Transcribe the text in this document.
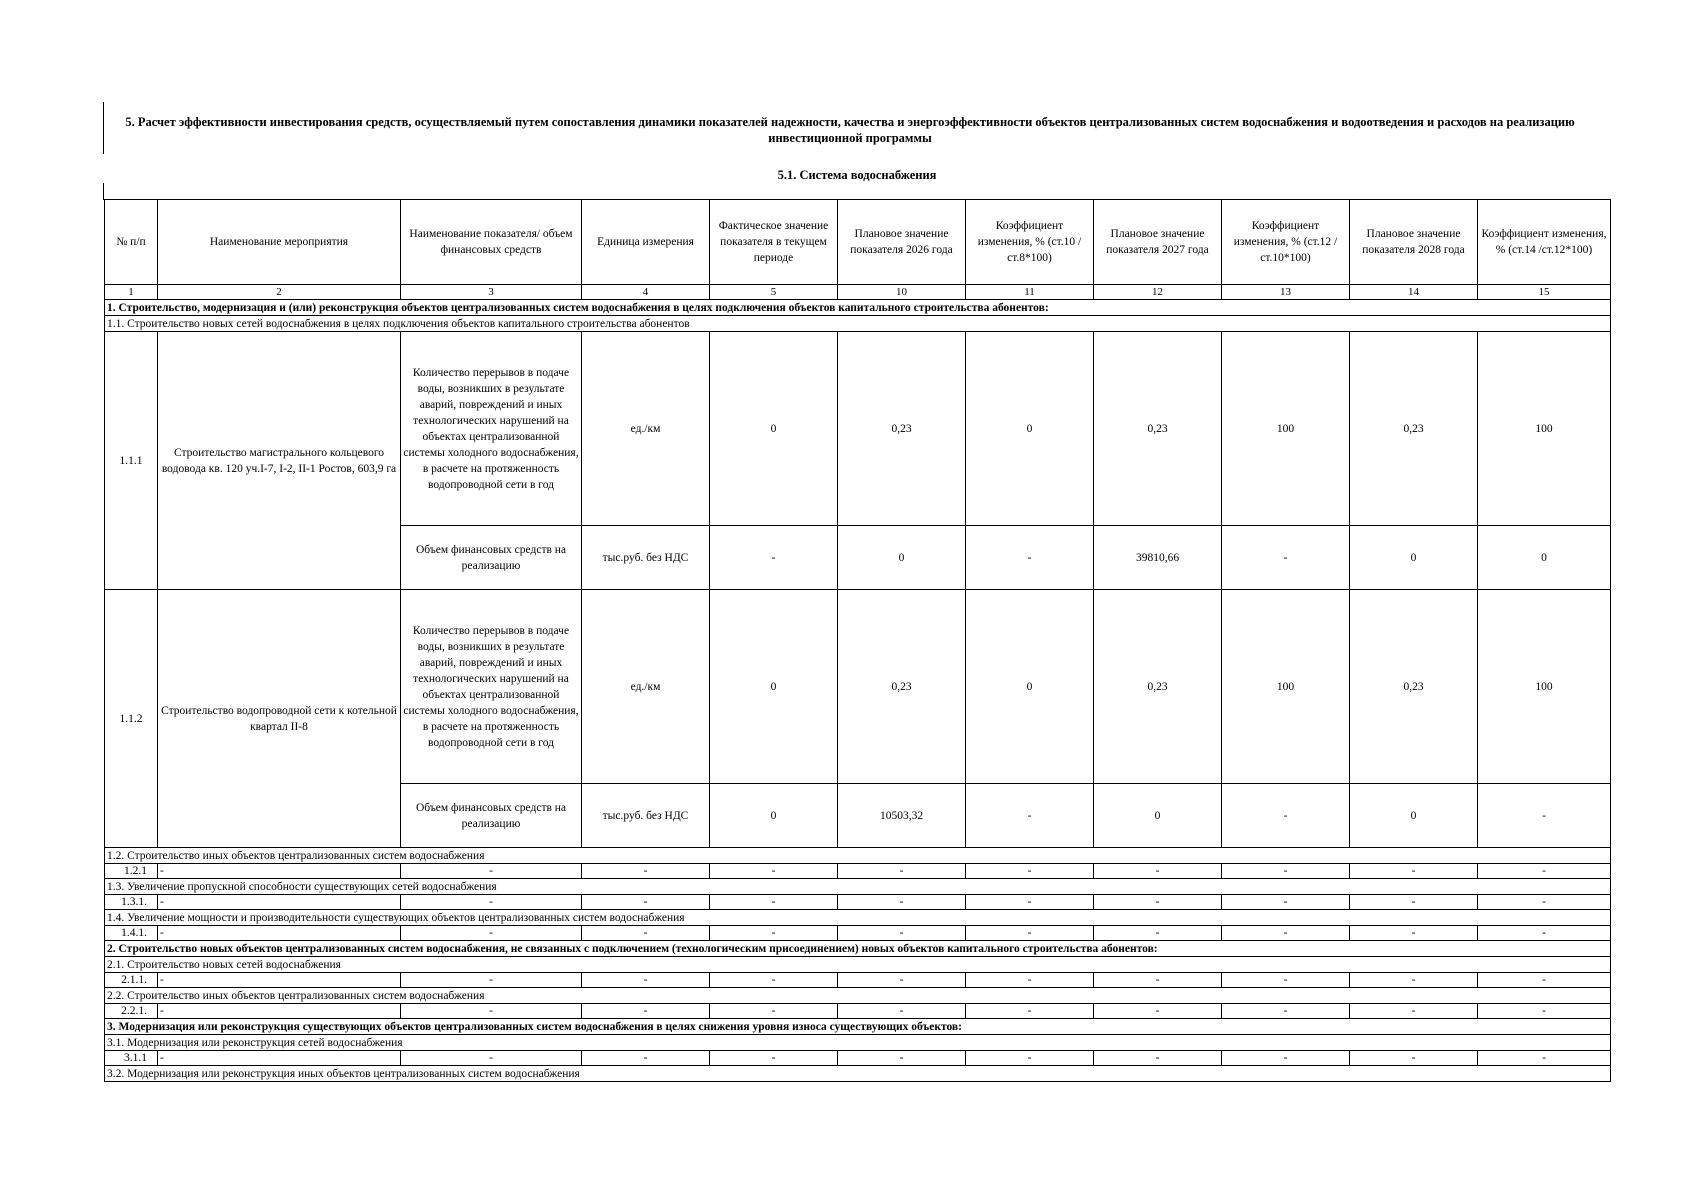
5. Расчет эффективности инвестирования средств, осуществляемый путем сопоставления динамики показателей надежности, качества и энергоэффективности объектов централизованных систем водоснабжения и водоотведения и расходов на реализацию инвестиционной программы
5.1. Система водоснабжения
№ п/п	Наименование мероприятия	Наименование показателя/ объем финансовых средств	Единица измерения	Фактическое значение показателя в текущем периоде	Плановое значение показателя 2026 года	Коэффициент изменения, % (ст.10 /ст.8*100)	Плановое значение показателя 2027 года	Коэффициент изменения, % (ст.12 /ст.10*100)	Плановое значение показателя 2028 года	Коэффициент изменения, % (ст.14 /ст.12*100)
1	2	3	4	5	10	11	12	13	14	15
1. Строительство, модернизация и (или) реконструкция объектов централизованных систем водоснабжения в целях подключения объектов капитального строительства абонентов:										
1.1. Строительство новых сетей водоснабжения в целях подключения объектов капитального строительства абонентов										
1.1.1	Строительство магистрального кольцевого водовода кв. 120 уч.I-7, I-2, II-1 Ростов, 603,9 га	Количество перерывов в подаче воды, возникших в результате аварий, повреждений и иных технологических нарушений на объектах централизованной системы холодного водоснабжения, в расчете на протяженность водопроводной сети в год	ед./км	0	0,23	0	0,23	100	0,23	100
		Объем финансовых средств на реализацию	тыс.руб. без НДС	-	0	-	39810,66	-	0	0
1.1.2	Строительство водопроводной сети к котельной квартал II-8	Количество перерывов в подаче воды, возникших в результате аварий, повреждений и иных технологических нарушений на объектах централизованной системы холодного водоснабжения, в расчете на протяженность водопроводной сети в год	ед./км	0	0,23	0	0,23	100	0,23	100
		Объем финансовых средств на реализацию	тыс.руб. без НДС	0	10503,32	-	0	-	0	-
1.2. Строительство иных объектов централизованных систем водоснабжения										
1.2.1	-	-	-	-	-	-	-	-	-	-
1.3. Увеличение пропускной способности существующих сетей водоснабжения										
1.3.1.	-	-	-	-	-	-	-	-	-	-
1.4. Увеличение мощности и производительности существующих объектов централизованных систем водоснабжения										
1.4.1.	-	-	-	-	-	-	-	-	-	-
2. Строительство новых объектов централизованных систем водоснабжения, не связанных с подключением (технологическим присоединением) новых объектов капитального строительства абонентов:										
2.1. Строительство новых сетей водоснабжения										
2.1.1.	-	-	-	-	-	-	-	-	-	-
2.2. Строительство иных объектов централизованных систем водоснабжения										
2.2.1.	-	-	-	-	-	-	-	-	-	-
3. Модернизация или реконструкция существующих объектов централизованных систем водоснабжения в целях снижения уровня износа существующих объектов:										
3.1. Модернизация или реконструкция сетей водоснабжения										
3.1.1	-	-	-	-	-	-	-	-	-	-
3.2. Модернизация или реконструкция иных объектов централизованных систем водоснабжения										
